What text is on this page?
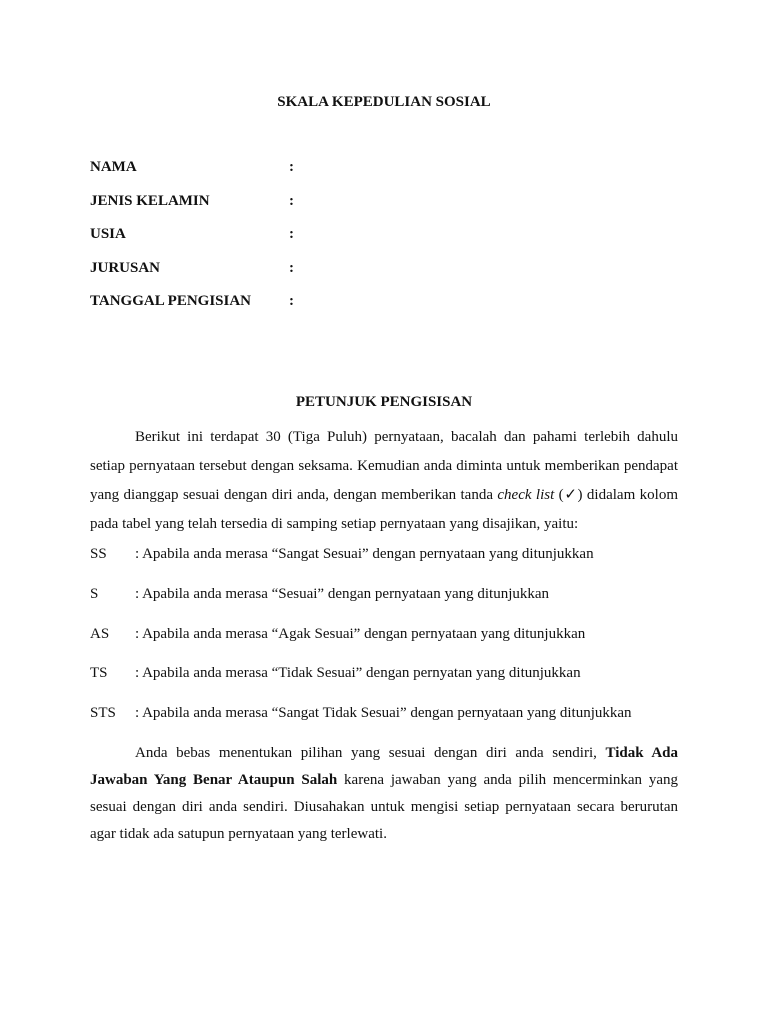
SKALA KEPEDULIAN SOSIAL
NAMA	:
JENIS KELAMIN	:
USIA	:
JURUSAN	:
TANGGAL PENGISIAN	:
PETUNJUK PENGISISAN
Berikut ini terdapat 30 (Tiga Puluh) pernyataan, bacalah dan pahami terlebih dahulu setiap pernyataan tersebut dengan seksama. Kemudian anda diminta untuk memberikan pendapat yang dianggap sesuai dengan diri anda, dengan memberikan tanda check list (✓) didalam kolom pada tabel yang telah tersedia di samping setiap pernyataan yang disajikan, yaitu:
SS : Apabila anda merasa “Sangat Sesuai” dengan pernyataan yang ditunjukkan
S : Apabila anda merasa “Sesuai” dengan pernyataan yang ditunjukkan
AS : Apabila anda merasa “Agak Sesuai” dengan pernyataan yang ditunjukkan
TS : Apabila anda merasa “Tidak Sesuai” dengan pernyatan yang ditunjukkan
STS : Apabila anda merasa “Sangat Tidak Sesuai” dengan pernyataan yang ditunjukkan
Anda bebas menentukan pilihan yang sesuai dengan diri anda sendiri, Tidak Ada Jawaban Yang Benar Ataupun Salah karena jawaban yang anda pilih mencerminkan yang sesuai dengan diri anda sendiri. Diusahakan untuk mengisi setiap pernyataan secara berurutan agar tidak ada satupun pernyataan yang terlewati.
